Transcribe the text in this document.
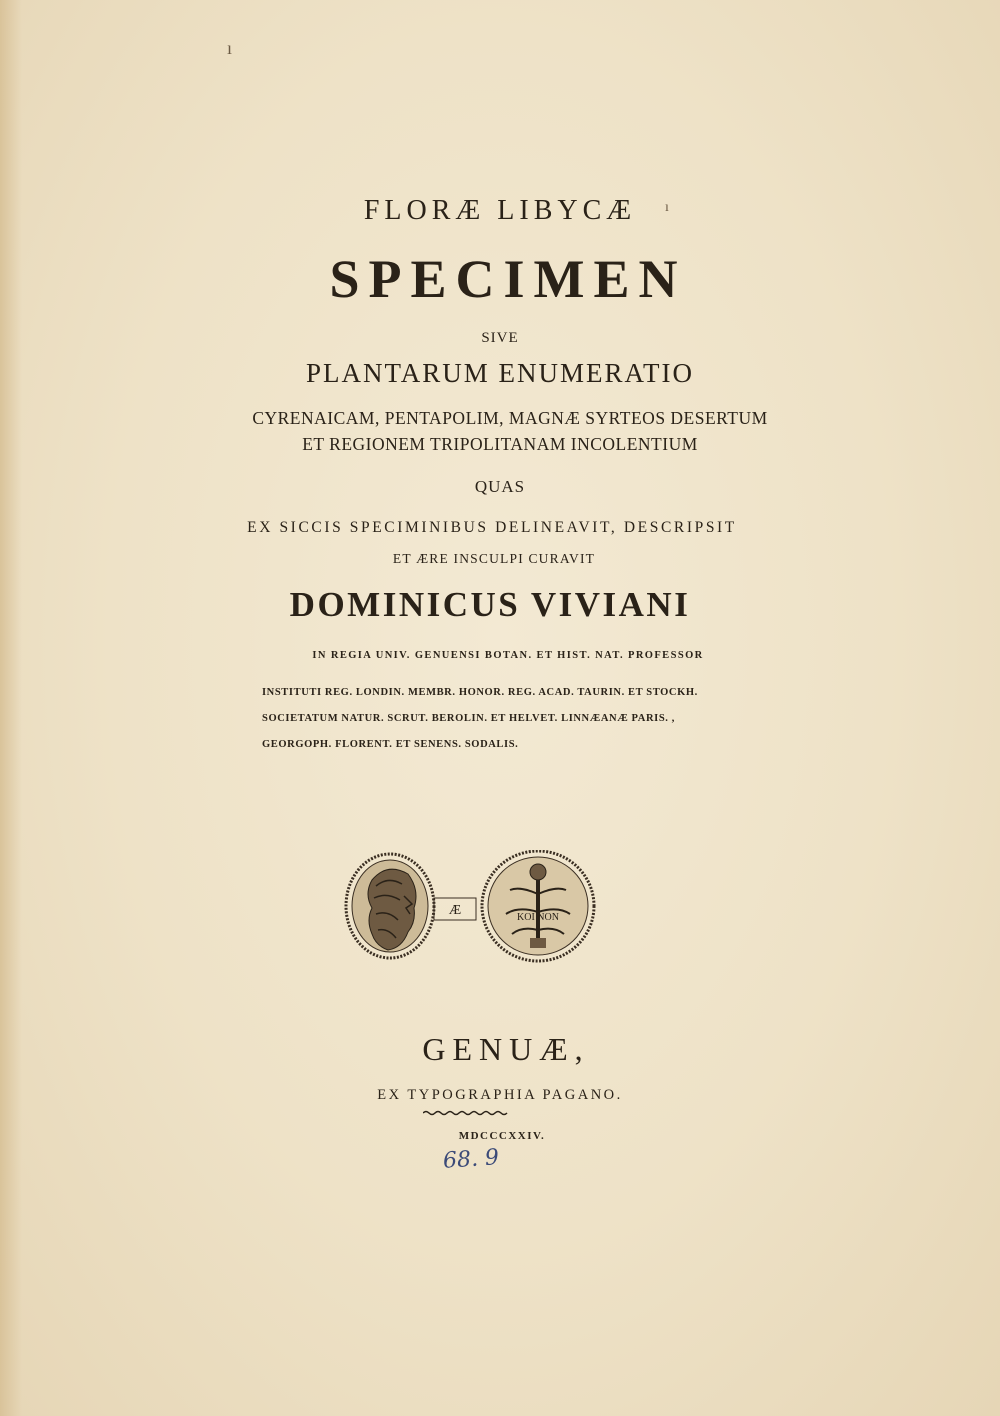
FLORÆ LIBYCÆ
SPECIMEN
SIVE
PLANTARUM ENUMERATIO
CYRENAICAM, PENTAPOLIM, MAGNÆ SYRTEOS DESERTUM
ET REGIONEM TRIPOLITANAM INCOLENTIUM
QUAS
EX SICCIS SPECIMINIBUS DELINEAVIT, DESCRIPSIT
ET ÆRE INSCULPI CURAVIT
DOMINICUS VIVIANI
IN REGIA UNIV. GENUENSI BOTAN. ET HIST. NAT. PROFESSOR
INSTITUTI REG. LONDIN. MEMBR. HONOR. REG. ACAD. TAURIN. ET STOCKH.
SOCIETATUM NATUR. SCRUT. BEROLIN. ET HELVET. LINNÆANÆ PARIS. ,
GEORGOPH. FLORENT. ET SENENS. SODALIS.
Æ	KOI NON
GENUÆ,
EX TYPOGRAPHIA PAGANO.
MDCCCXXIV.
68. 9
ı
ı
